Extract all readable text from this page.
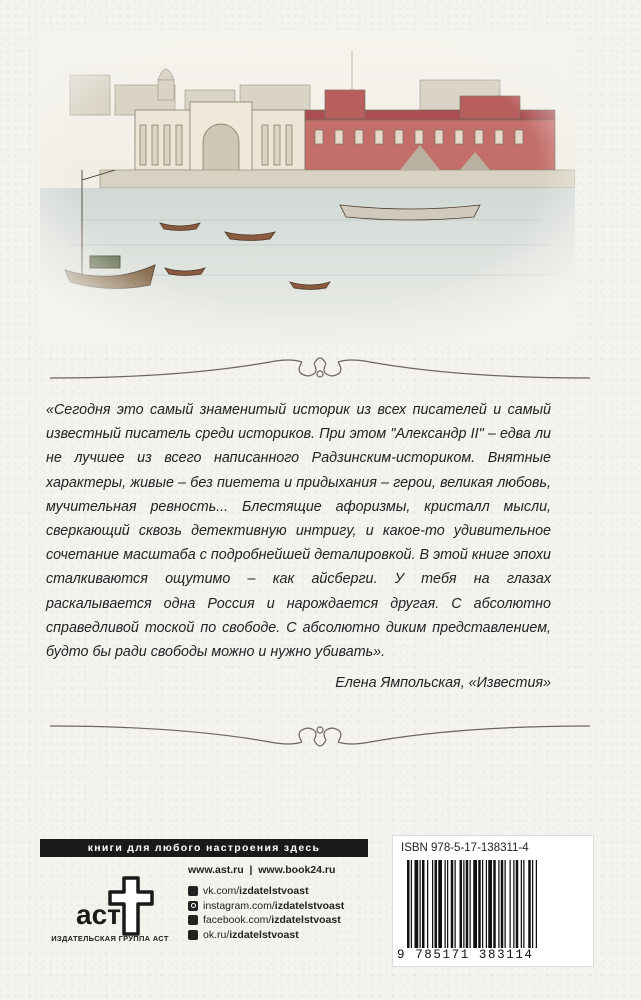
«Сегодня это самый знаменитый историк из всех писателей и самый известный писатель среди историков. При этом "Александр II" – едва ли не лучшее из всего написанного Радзинским-историком. Внятные характеры, живые – без пиетета и придыхания – герои, великая любовь, мучительная ревность... Блестящие афоризмы, кристалл мысли, сверкающий сквозь детективную интригу, и какое-то удивительное сочетание масштаба с подробнейшей деталировкой. В этой книге эпохи сталкиваются ощутимо – как айсберги. У тебя на глазах раскалывается одна Россия и нарождается другая. С абсолютно справедливой тоской по свободе. С абсолютно диким представлением, будто бы ради свободы можно и нужно убивать».

Елена Ямпольская, «Известия»
книги для любого настроения здесь
аст
ИЗДАТЕЛЬСКАЯ ГРУППА АСТ
www.ast.ru  |  www.book24.ru
vk.com/ izdatelstvoast
instagram.com/ izdatelstvoast
facebook.com/ izdatelstvoast
ok.ru/ izdatelstvoast
ISBN 978-5-17-138311-4
9 785171 383114
